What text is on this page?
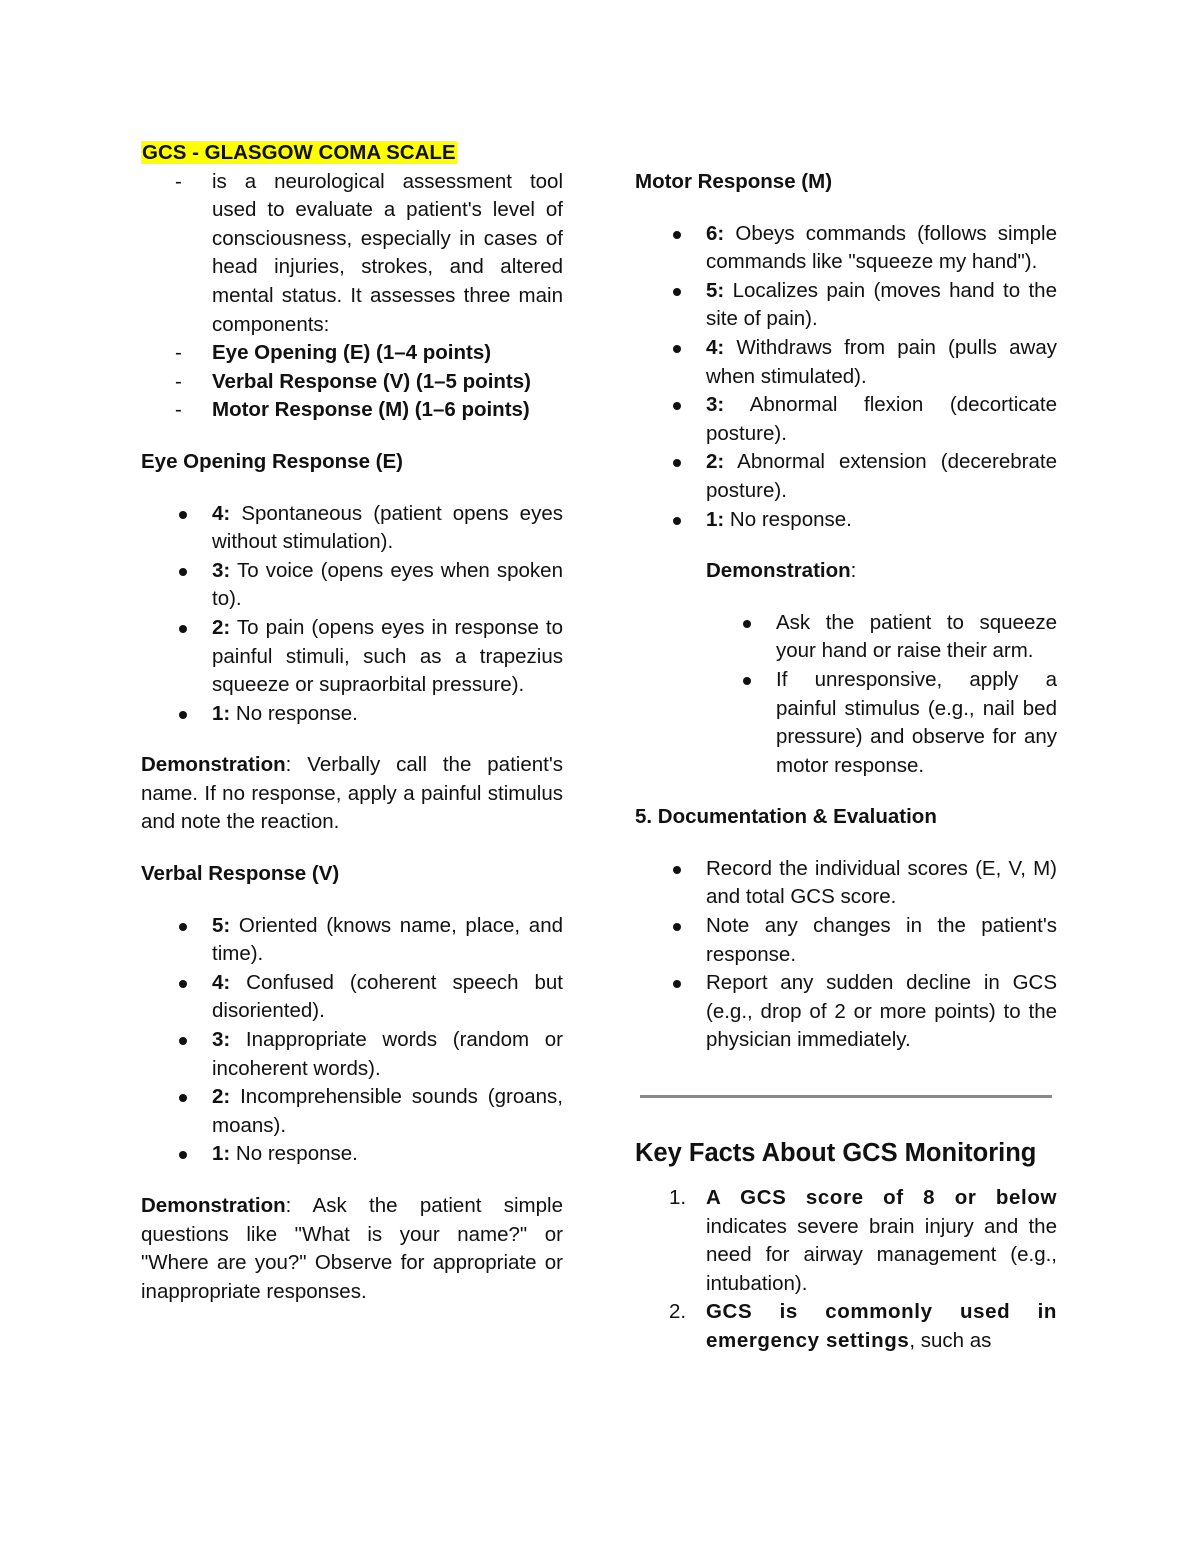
GCS - GLASGOW COMA SCALE

- is a neurological assessment tool used to evaluate a patient's level of consciousness, especially in cases of head injuries, strokes, and altered mental status. It assesses three main components:
- Eye Opening (E) (1–4 points)
- Verbal Response (V) (1–5 points)
- Motor Response (M) (1–6 points)

Eye Opening Response (E)

4: Spontaneous (patient opens eyes without stimulation).
3: To voice (opens eyes when spoken to).
2: To pain (opens eyes in response to painful stimuli, such as a trapezius squeeze or supraorbital pressure).
1: No response.

Demonstration: Verbally call the patient's name. If no response, apply a painful stimulus and note the reaction.

Verbal Response (V)

5: Oriented (knows name, place, and time).
4: Confused (coherent speech but disoriented).
3: Inappropriate words (random or incoherent words).
2: Incomprehensible sounds (groans, moans).
1: No response.

Demonstration: Ask the patient simple questions like "What is your name?" or "Where are you?" Observe for appropriate or inappropriate responses.

Motor Response (M)

6: Obeys commands (follows simple commands like "squeeze my hand").
5: Localizes pain (moves hand to the site of pain).
4: Withdraws from pain (pulls away when stimulated).
3: Abnormal flexion (decorticate posture).
2: Abnormal extension (decerebrate posture).
1: No response.

Demonstration:

Ask the patient to squeeze your hand or raise their arm.
If unresponsive, apply a painful stimulus (e.g., nail bed pressure) and observe for any motor response.

5. Documentation & Evaluation

Record the individual scores (E, V, M) and total GCS score.
Note any changes in the patient's response.
Report any sudden decline in GCS (e.g., drop of 2 or more points) to the physician immediately.

Key Facts About GCS Monitoring

1. A GCS score of 8 or below indicates severe brain injury and the need for airway management (e.g., intubation).
2. GCS is commonly used in emergency settings, such as
